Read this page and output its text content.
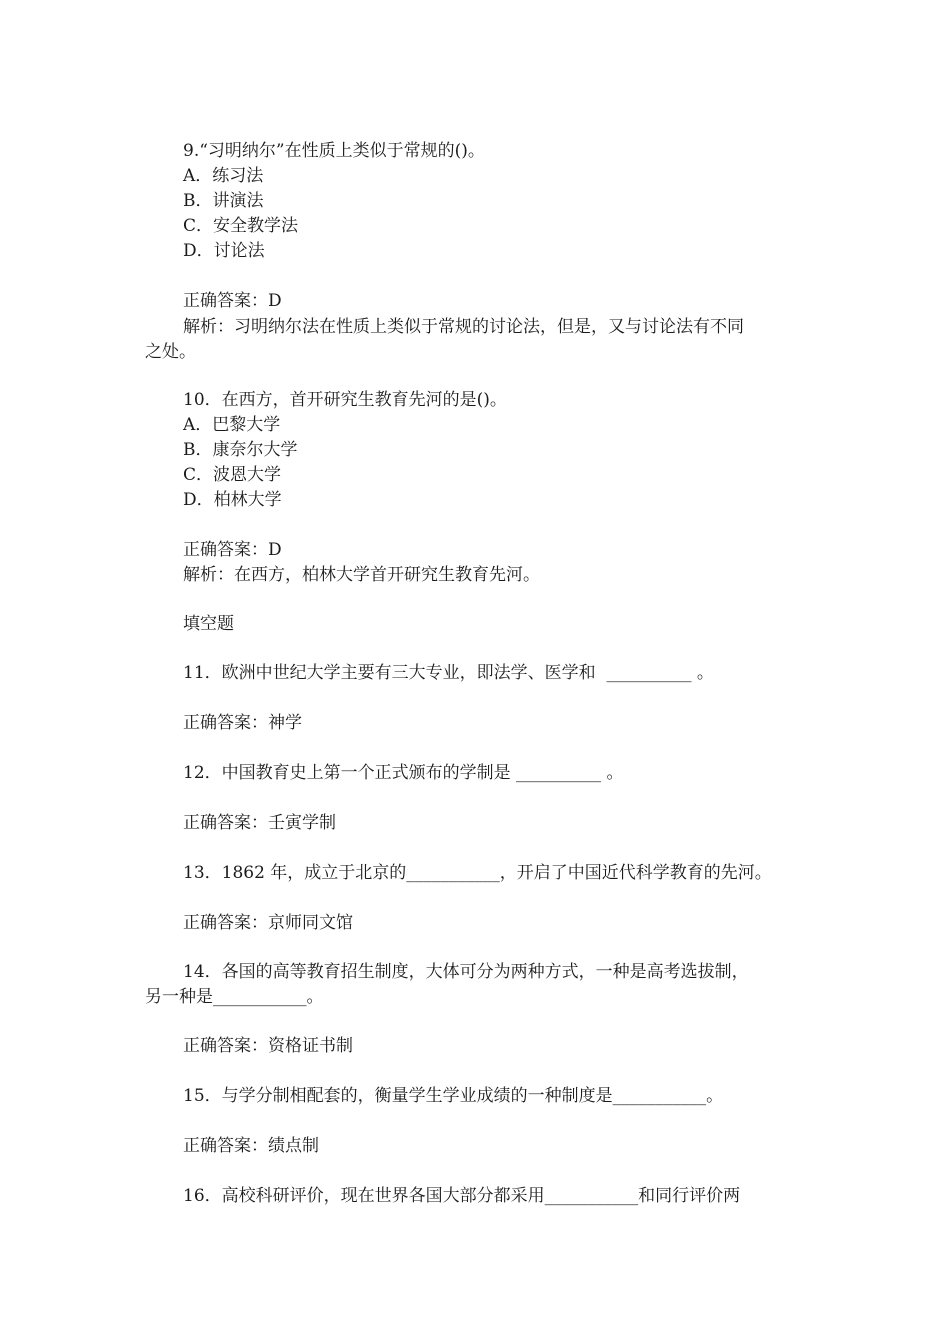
9.“习明纳尔”在性质上类似于常规的()。
A．练习法
B．讲演法
C．安全教学法
D．讨论法
正确答案：D
解析：习明纳尔法在性质上类似于常规的讨论法，但是，又与讨论法有不同
之处。
10．在西方，首开研究生教育先河的是()。
A．巴黎大学
B．康奈尔大学
C．波恩大学
D．柏林大学
正确答案：D
解析：在西方，柏林大学首开研究生教育先河。
填空题
11．欧洲中世纪大学主要有三大专业，即法学、医学和  __________ 。
正确答案：神学
12．中国教育史上第一个正式颁布的学制是 __________ 。
正确答案：壬寅学制
13．1862 年，成立于北京的___________，开启了中国近代科学教育的先河。
正确答案：京师同文馆
14．各国的高等教育招生制度，大体可分为两种方式，一种是高考选拔制，
另一种是___________。
正确答案：资格证书制
15．与学分制相配套的，衡量学生学业成绩的一种制度是___________。
正确答案：绩点制
16．高校科研评价，现在世界各国大部分都采用___________和同行评价两
